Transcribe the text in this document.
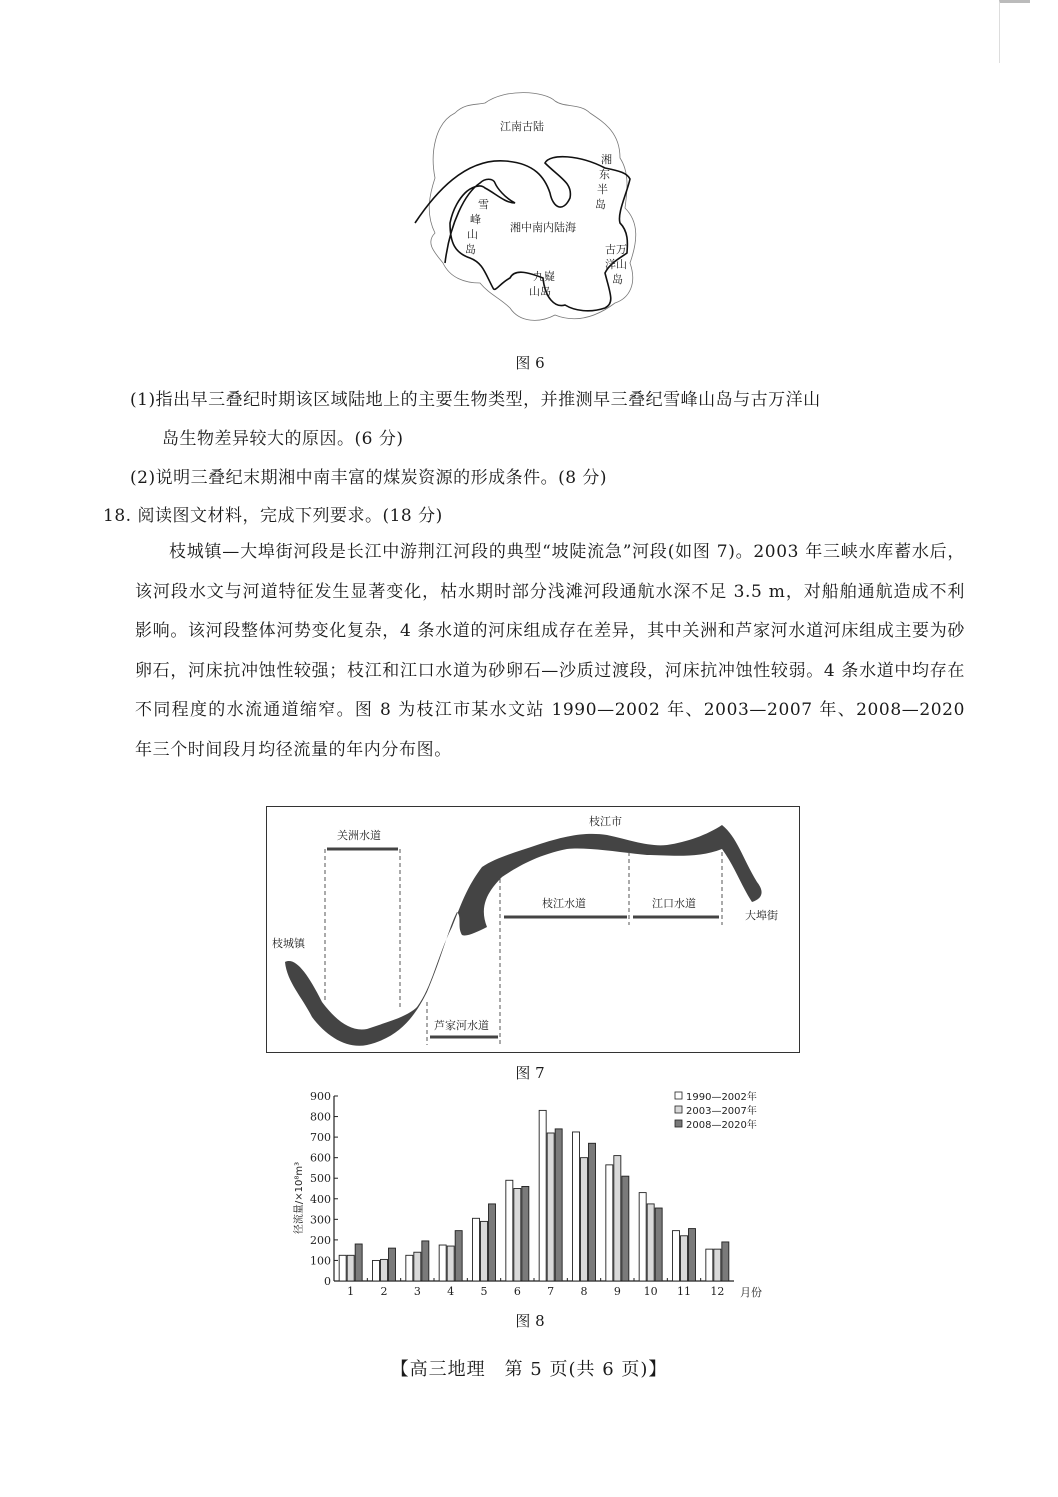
江南古陆
湘中南内陆海
雪
峰
山
岛
湘
东
半
岛
古万
洋山
岛
九嶷
山岛
图 6
(1)指出早三叠纪时期该区域陆地上的主要生物类型，并推测早三叠纪雪峰山岛与古万洋山
岛生物差异较大的原因。(6 分)
(2)说明三叠纪末期湘中南丰富的煤炭资源的形成条件。(8 分)
18. 阅读图文材料，完成下列要求。(18 分)
枝城镇—大埠街河段是长江中游荆江河段的典型“坡陡流急”河段(如图 7)。2003 年三峡水库蓄水后，该河段水文与河道特征发生显著变化，枯水期时部分浅滩河段通航水深不足 3.5 m，对船舶通航造成不利影响。该河段整体河势变化复杂，4 条水道的河床组成存在差异，其中关洲和芦家河水道河床组成主要为砂卵石，河床抗冲蚀性较强；枝江和江口水道为砂卵石—沙质过渡段，河床抗冲蚀性较弱。4 条水道中均存在不同程度的水流通道缩窄。图 8 为枝江市某水文站 1990—2002 年、2003—2007 年、2008—2020 年三个时间段月均径流量的年内分布图。
关洲水道
芦家河水道
枝江水道	江口水道
枝江市
枝城镇
大埠街
图 7
0
100
200
300
400
500
600
700
800
900
1 2 3 4 5 6 7 8 9 10 11 12
径流量/×10⁸m³
月份
1990—2002年
2003—2007年
2008—2020年
图 8
【高三地理　第 5 页(共 6 页)】
